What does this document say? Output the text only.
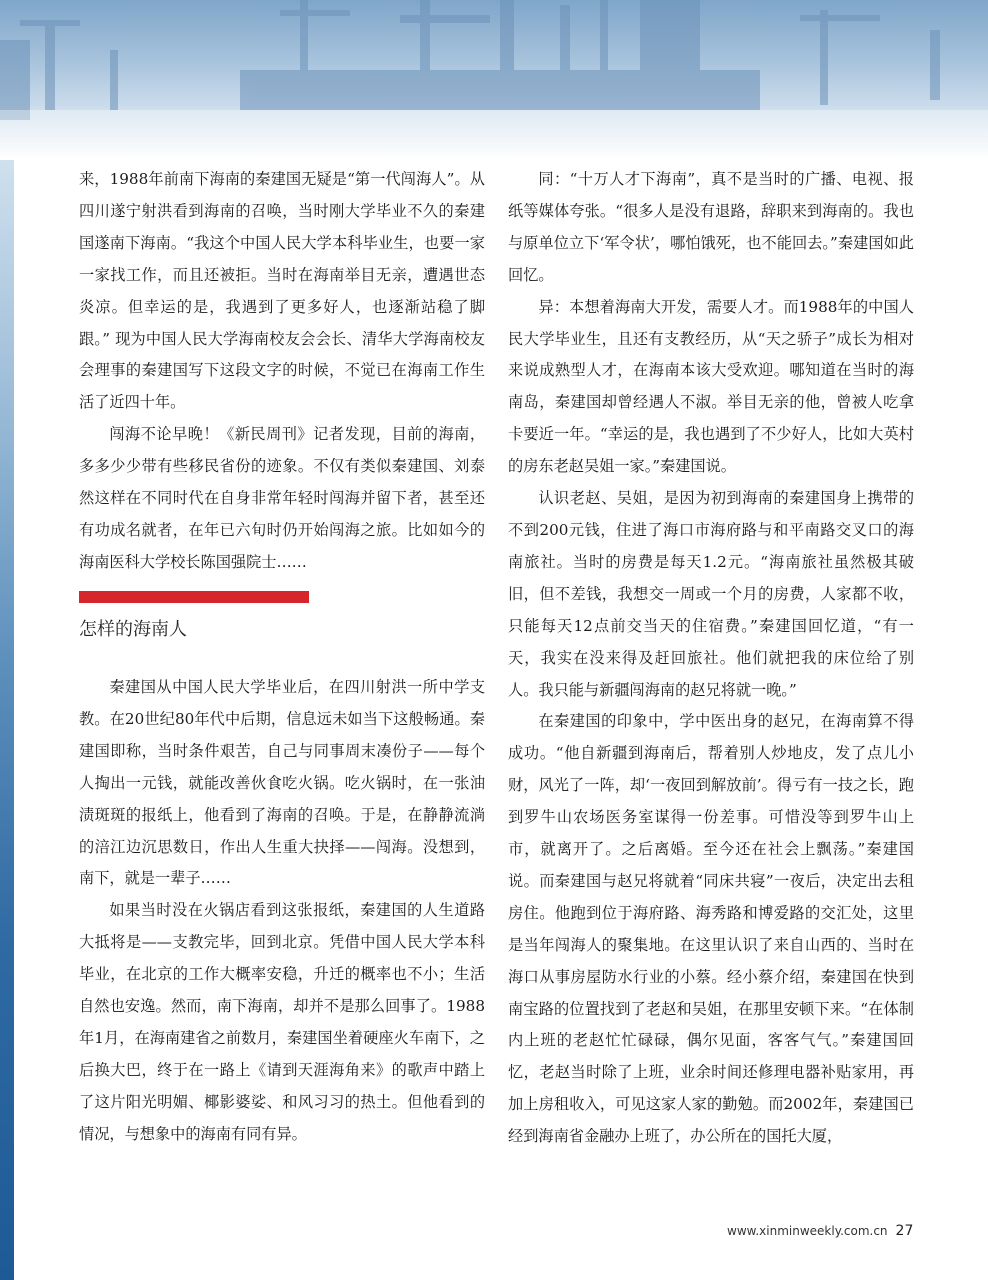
来，1988年前南下海南的秦建国无疑是“第一代闯海人”。从四川遂宁射洪看到海南的召唤，当时刚大学毕业不久的秦建国遂南下海南。“我这个中国人民大学本科毕业生，也要一家一家找工作，而且还被拒。当时在海南举目无亲，遭遇世态炎凉。但幸运的是，我遇到了更多好人，也逐渐站稳了脚跟。” 现为中国人民大学海南校友会会长、清华大学海南校友会理事的秦建国写下这段文字的时候，不觉已在海南工作生活了近四十年。

闯海不论早晚！《新民周刊》记者发现，目前的海南，多多少少带有些移民省份的迹象。不仅有类似秦建国、刘泰然这样在不同时代在自身非常年轻时闯海并留下者，甚至还有功成名就者，在年已六旬时仍开始闯海之旅。比如如今的海南医科大学校长陈国强院士……

怎样的海南人

秦建国从中国人民大学毕业后，在四川射洪一所中学支教。在20世纪80年代中后期，信息远未如当下这般畅通。秦建国即称，当时条件艰苦，自己与同事周末凑份子——每个人掏出一元钱，就能改善伙食吃火锅。吃火锅时，在一张油渍斑斑的报纸上，他看到了海南的召唤。于是，在静静流淌的涪江边沉思数日，作出人生重大抉择——闯海。没想到，南下，就是一辈子……

如果当时没在火锅店看到这张报纸，秦建国的人生道路大抵将是——支教完毕，回到北京。凭借中国人民大学本科毕业，在北京的工作大概率安稳，升迁的概率也不小；生活自然也安逸。然而，南下海南，却并不是那么回事了。1988年1月，在海南建省之前数月，秦建国坐着硬座火车南下，之后换大巴，终于在一路上《请到天涯海角来》的歌声中踏上了这片阳光明媚、椰影婆娑、和风习习的热土。但他看到的情况，与想象中的海南有同有异。

同：“十万人才下海南”，真不是当时的广播、电视、报纸等媒体夸张。“很多人是没有退路，辞职来到海南的。我也与原单位立下‘军令状’，哪怕饿死，也不能回去。”秦建国如此回忆。

异：本想着海南大开发，需要人才。而1988年的中国人民大学毕业生，且还有支教经历，从“天之骄子”成长为相对来说成熟型人才，在海南本该大受欢迎。哪知道在当时的海南岛，秦建国却曾经遇人不淑。举目无亲的他，曾被人吃拿卡要近一年。“幸运的是，我也遇到了不少好人，比如大英村的房东老赵吴姐一家。”秦建国说。

认识老赵、吴姐，是因为初到海南的秦建国身上携带的不到200元钱，住进了海口市海府路与和平南路交叉口的海南旅社。当时的房费是每天1.2元。“海南旅社虽然极其破旧，但不差钱，我想交一周或一个月的房费，人家都不收，只能每天12点前交当天的住宿费。”秦建国回忆道，“有一天，我实在没来得及赶回旅社。他们就把我的床位给了别人。我只能与新疆闯海南的赵兄将就一晚。”

在秦建国的印象中，学中医出身的赵兄，在海南算不得成功。“他自新疆到海南后，帮着别人炒地皮，发了点儿小财，风光了一阵，却‘一夜回到解放前’。得亏有一技之长，跑到罗牛山农场医务室谋得一份差事。可惜没等到罗牛山上市，就离开了。之后离婚。至今还在社会上飘荡。”秦建国说。而秦建国与赵兄将就着“同床共寝”一夜后，决定出去租房住。他跑到位于海府路、海秀路和博爱路的交汇处，这里是当年闯海人的聚集地。在这里认识了来自山西的、当时在海口从事房屋防水行业的小蔡。经小蔡介绍，秦建国在快到南宝路的位置找到了老赵和吴姐，在那里安顿下来。“在体制内上班的老赵忙忙碌碌，偶尔见面，客客气气。”秦建国回忆，老赵当时除了上班，业余时间还修理电器补贴家用，再加上房租收入，可见这家人家的勤勉。而2002年，秦建国已经到海南省金融办上班了，办公所在的国托大厦，

www.xinminweekly.com.cn 27
